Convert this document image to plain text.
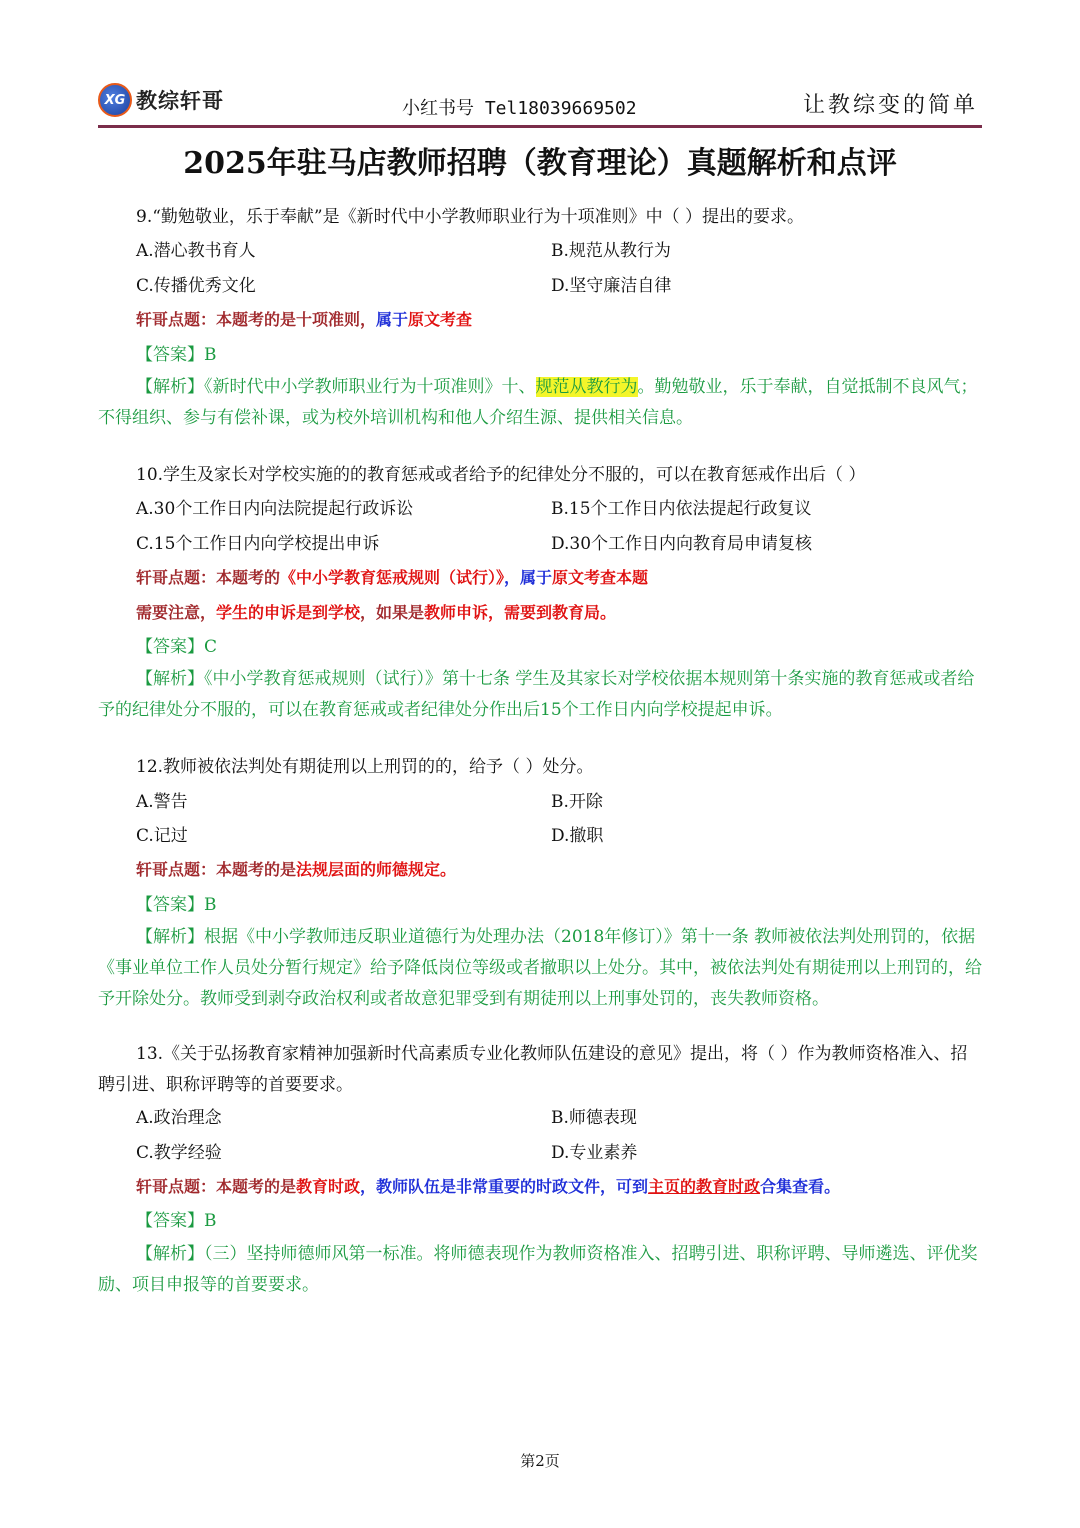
XG 教综轩哥	小红书号 Tel18039669502	让教综变的简单
2025年驻马店教师招聘（教育理论）真题解析和点评
9.“勤勉敬业，乐于奉献”是《新时代中小学教师职业行为十项准则》中（ ）提出的要求。
A.潜心教书育人	B.规范从教行为
C.传播优秀文化	D.坚守廉洁自律
轩哥点题：本题考的是十项准则，属于原文考查
【答案】B
【解析】《新时代中小学教师职业行为十项准则》十、规范从教行为。勤勉敬业，乐于奉献，自觉抵制不良风气；不得组织、参与有偿补课，或为校外培训机构和他人介绍生源、提供相关信息。
10.学生及家长对学校实施的的教育惩戒或者给予的纪律处分不服的，可以在教育惩戒作出后（ ）
A.30个工作日内向法院提起行政诉讼	B.15个工作日内依法提起行政复议
C.15个工作日内向学校提出申诉	D.30个工作日内向教育局申请复核
轩哥点题：本题考的《中小学教育惩戒规则（试行）》，属于原文考查本题
需要注意，学生的申诉是到学校，如果是教师申诉，需要到教育局。
【答案】C
【解析】《中小学教育惩戒规则（试行）》第十七条 学生及其家长对学校依据本规则第十条实施的教育惩戒或者给予的纪律处分不服的，可以在教育惩戒或者纪律处分作出后15个工作日内向学校提起申诉。
12.教师被依法判处有期徒刑以上刑罚的的，给予（ ）处分。
A.警告	B.开除
C.记过	D.撤职
轩哥点题：本题考的是法规层面的师德规定。
【答案】B
【解析】根据《中小学教师违反职业道德行为处理办法（2018年修订）》第十一条 教师被依法判处刑罚的，依据《事业单位工作人员处分暂行规定》给予降低岗位等级或者撤职以上处分。其中，被依法判处有期徒刑以上刑罚的，给予开除处分。教师受到剥夺政治权利或者故意犯罪受到有期徒刑以上刑事处罚的，丧失教师资格。
13.《关于弘扬教育家精神加强新时代高素质专业化教师队伍建设的意见》提出，将（ ）作为教师资格准入、招聘引进、职称评聘等的首要要求。
A.政治理念	B.师德表现
C.教学经验	D.专业素养
轩哥点题：本题考的是教育时政，教师队伍是非常重要的时政文件，可到主页的教育时政合集查看。
【答案】B
【解析】（三）坚持师德师风第一标准。将师德表现作为教师资格准入、招聘引进、职称评聘、导师遴选、评优奖励、项目申报等的首要要求。
第2页
